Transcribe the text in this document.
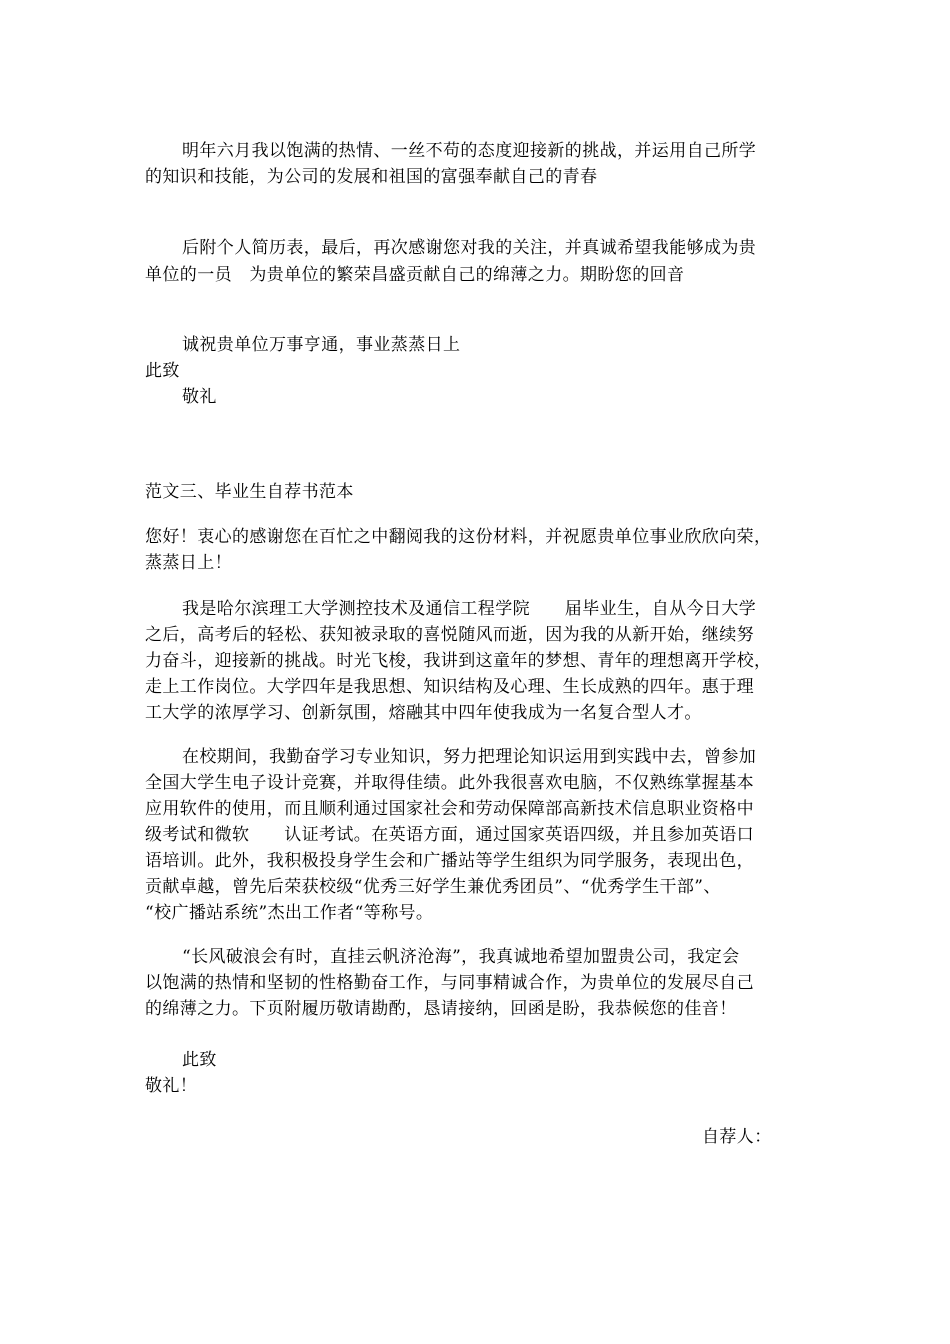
明年六月我以饱满的热情、一丝不苟的态度迎接新的挑战，并运用自己所学
的知识和技能，为公司的发展和祖国的富强奉献自己的青春
后附个人简历表，最后，再次感谢您对我的关注，并真诚希望我能够成为贵
单位的一员　为贵单位的繁荣昌盛贡献自己的绵薄之力。期盼您的回音
诚祝贵单位万事亨通，事业蒸蒸日上
此致
敬礼
范文三、毕业生自荐书范本
您好！衷心的感谢您在百忙之中翻阅我的这份材料，并祝愿贵单位事业欣欣向荣，
蒸蒸日上！
我是哈尔滨理工大学测控技术及通信工程学院　　届毕业生，自从今日大学
之后，高考后的轻松、获知被录取的喜悦随风而逝，因为我的从新开始，继续努
力奋斗，迎接新的挑战。时光飞梭，我讲到这童年的梦想、青年的理想离开学校，
走上工作岗位。大学四年是我思想、知识结构及心理、生长成熟的四年。惠于理
工大学的浓厚学习、创新氛围，熔融其中四年使我成为一名复合型人才。
在校期间，我勤奋学习专业知识，努力把理论知识运用到实践中去，曾参加
全国大学生电子设计竞赛，并取得佳绩。此外我很喜欢电脑，不仅熟练掌握基本
应用软件的使用，而且顺利通过国家社会和劳动保障部高新技术信息职业资格中
级考试和微软　　认证考试。在英语方面，通过国家英语四级，并且参加英语口
语培训。此外，我积极投身学生会和广播站等学生组织为同学服务，表现出色，
贡献卓越，曾先后荣获校级“优秀三好学生兼优秀团员”、“优秀学生干部”、
“校广播站系统”杰出工作者“等称号。
“长风破浪会有时，直挂云帆济沧海”，我真诚地希望加盟贵公司，我定会
以饱满的热情和坚韧的性格勤奋工作，与同事精诚合作，为贵单位的发展尽自己
的绵薄之力。下页附履历敬请勘酌，恳请接纳，回函是盼，我恭候您的佳音！
此致
敬礼！
自荐人：
